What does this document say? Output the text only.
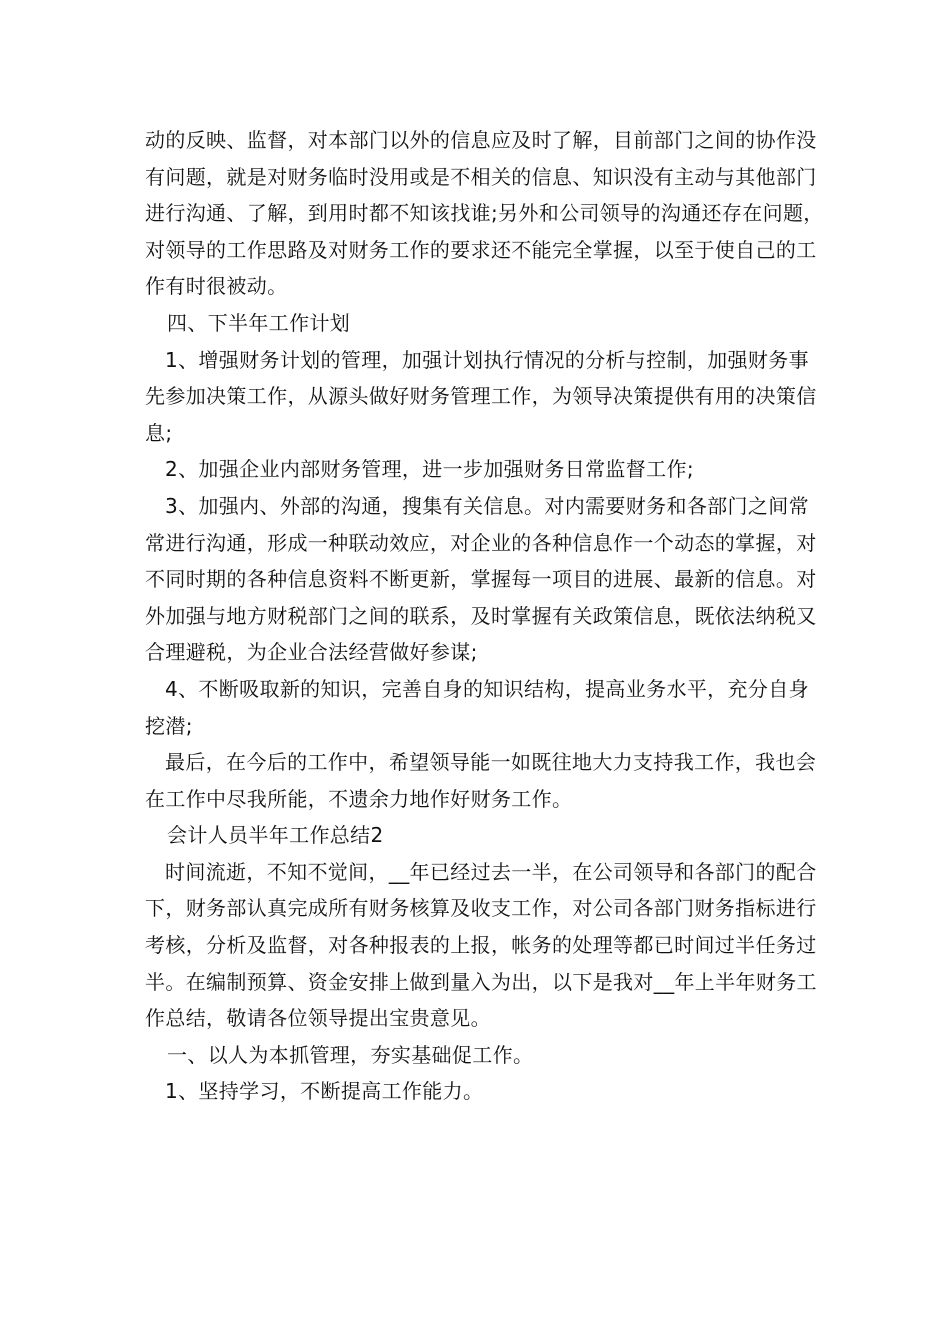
动的反映、监督，对本部门以外的信息应及时了解，目前部门之间的协作没有问题，就是对财务临时没用或是不相关的信息、知识没有主动与其他部门进行沟通、了解，到用时都不知该找谁;另外和公司领导的沟通还存在问题，对领导的工作思路及对财务工作的要求还不能完全掌握，以至于使自己的工作有时很被动。

四、下半年工作计划

1、增强财务计划的管理，加强计划执行情况的分析与控制，加强财务事先参加决策工作，从源头做好财务管理工作，为领导决策提供有用的决策信息;

2、加强企业内部财务管理，进一步加强财务日常监督工作;

3、加强内、外部的沟通，搜集有关信息。对内需要财务和各部门之间常常进行沟通，形成一种联动效应，对企业的各种信息作一个动态的掌握，对不同时期的各种信息资料不断更新，掌握每一项目的进展、最新的信息。对外加强与地方财税部门之间的联系，及时掌握有关政策信息，既依法纳税又合理避税，为企业合法经营做好参谋;

4、不断吸取新的知识，完善自身的知识结构，提高业务水平，充分自身挖潜;

最后，在今后的工作中，希望领导能一如既往地大力支持我工作，我也会在工作中尽我所能，不遗余力地作好财务工作。

会计人员半年工作总结2

时间流逝，不知不觉间，__年已经过去一半，在公司领导和各部门的配合下，财务部认真完成所有财务核算及收支工作，对公司各部门财务指标进行考核，分析及监督，对各种报表的上报，帐务的处理等都已时间过半任务过半。在编制预算、资金安排上做到量入为出，以下是我对__年上半年财务工作总结，敬请各位领导提出宝贵意见。

一、以人为本抓管理，夯实基础促工作。

1、坚持学习，不断提高工作能力。
